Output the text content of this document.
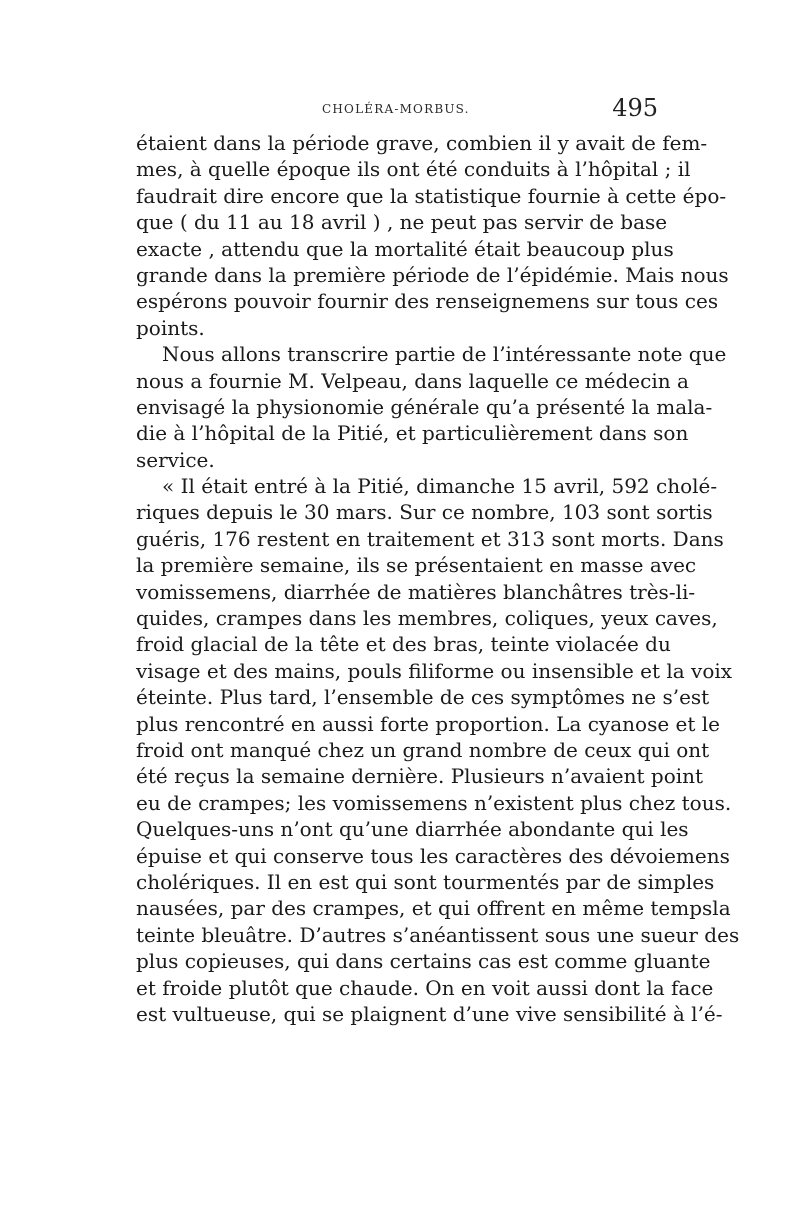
CHOLÉRA-MORBUS.	495
étaient dans la période grave, combien il y avait de fem-
mes, à quelle époque ils ont été conduits à l’hôpital ; il
faudrait dire encore que la statistique fournie à cette épo-
que ( du 11 au 18 avril ) , ne peut pas servir de base
exacte , attendu que la mortalité était beaucoup plus
grande dans la première période de l’épidémie. Mais nous
espérons pouvoir fournir des renseignemens sur tous ces
points.
Nous allons transcrire partie de l’intéressante note que
nous a fournie M. Velpeau, dans laquelle ce médecin a
envisagé la physionomie générale qu’a présenté la mala-
die à l’hôpital de la Pitié, et particulièrement dans son
service.
« Il était entré à la Pitié, dimanche 15 avril, 592 cholé-
riques depuis le 30 mars. Sur ce nombre, 103 sont sortis
guéris, 176 restent en traitement et 313 sont morts. Dans
la première semaine, ils se présentaient en masse avec
vomissemens, diarrhée de matières blanchâtres très-li-
quides, crampes dans les membres, coliques, yeux caves,
froid glacial de la tête et des bras, teinte violacée du
visage et des mains, pouls filiforme ou insensible et la voix
éteinte. Plus tard, l’ensemble de ces symptômes ne s’est
plus rencontré en aussi forte proportion. La cyanose et le
froid ont manqué chez un grand nombre de ceux qui ont
été reçus la semaine dernière. Plusieurs n’avaient point
eu de crampes; les vomissemens n’existent plus chez tous.
Quelques-uns n’ont qu’une diarrhée abondante qui les
épuise et qui conserve tous les caractères des dévoiemens
cholériques. Il en est qui sont tourmentés par de simples
nausées, par des crampes, et qui offrent en même tempsla
teinte bleuâtre. D’autres s’anéantissent sous une sueur des
plus copieuses, qui dans certains cas est comme gluante
et froide plutôt que chaude. On en voit aussi dont la face
est vultueuse, qui se plaignent d’une vive sensibilité à l’é-
